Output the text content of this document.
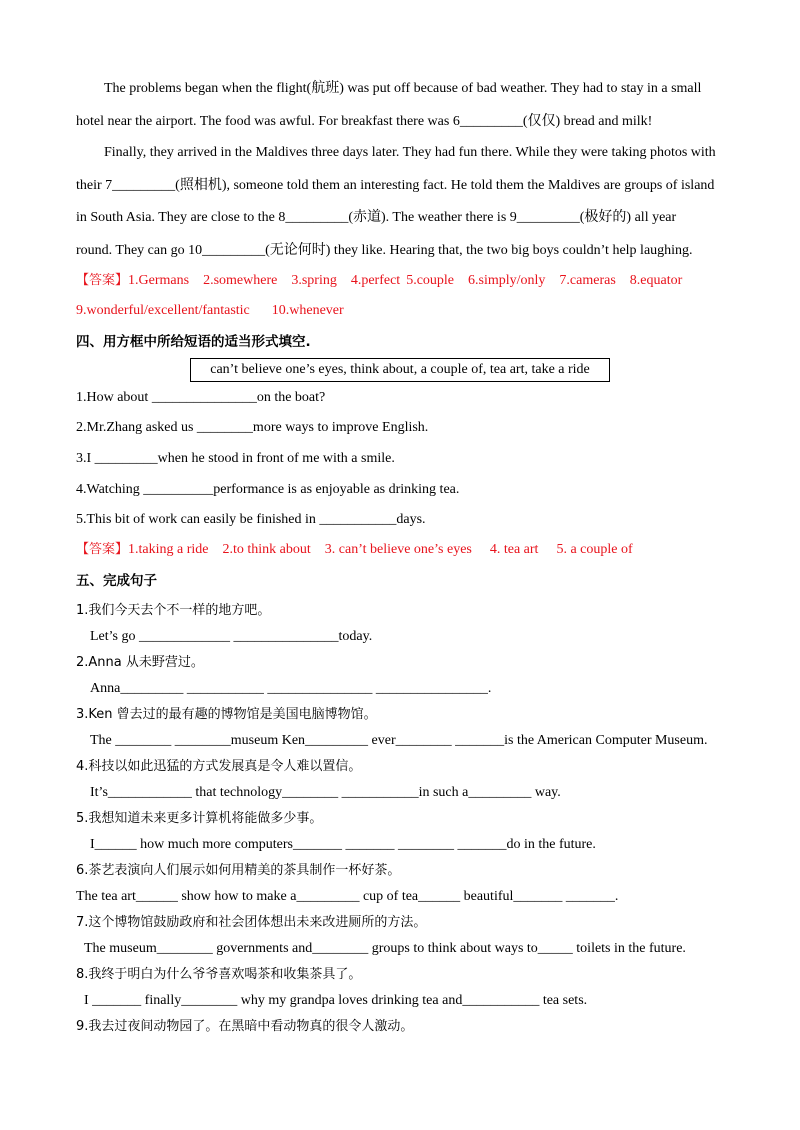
The problems began when the flight(航班) was put off because of bad weather. They had to stay in a small
hotel near the airport. The food was awful. For breakfast there was 6_________(仅仅) bread and milk!
Finally, they arrived in the Maldives three days later. They had fun there. While they were taking photos with
their 7_________(照相机), someone told them an interesting fact. He told them the Maldives are groups of island
in South Asia. They are close to the 8_________(赤道). The weather there is 9_________(极好的) all year
round. They can go 10_________(无论何时) they like. Hearing that, the two big boys couldn’t help laughing.
【答案】1.Germans 2.somewhere 3.spring 4.perfect 5.couple 6.simply/only 7.cameras 8.equator
9.wonderful/excellent/fantastic 10.whenever
四、用方框中所给短语的适当形式填空.
can’t believe one’s eyes, think about, a couple of, tea art, take a ride
1.How about _______________on the boat?
2.Mr.Zhang asked us ________more ways to improve English.
3.I _________when he stood in front of me with a smile.
4.Watching __________performance is as enjoyable as drinking tea.
5.This bit of work can easily be finished in ___________days.
【答案】1.taking a ride 2.to think about 3. can’t believe one’s eyes 4. tea art 5. a couple of
五、完成句子
1.我们今天去个不一样的地方吧。
Let’s go _____________ _______________today.
2.Anna 从未野营过。
Anna_________ ___________ _______________ ________________.
3.Ken 曾去过的最有趣的博物馆是美国电脑博物馆。
The ________ ________museum Ken_________ ever________ _______is the American Computer Museum.
4.科技以如此迅猛的方式发展真是令人难以置信。
It’s____________ that technology________ ___________in such a_________ way.
5.我想知道未来更多计算机将能做多少事。
I______ how much more computers_______ _______ ________ _______do in the future.
6.茶艺表演向人们展示如何用精美的茶具制作一杯好茶。
The tea art______ show how to make a_________ cup of tea______ beautiful_______ _______.
7.这个博物馆鼓励政府和社会团体想出未来改进厕所的方法。
The museum________ governments and________ groups to think about ways to_____ toilets in the future.
8.我终于明白为什么爷爷喜欢喝茶和收集茶具了。
I _______ finally________ why my grandpa loves drinking tea and___________ tea sets.
9.我去过夜间动物园了。在黑暗中看动物真的很令人激动。
